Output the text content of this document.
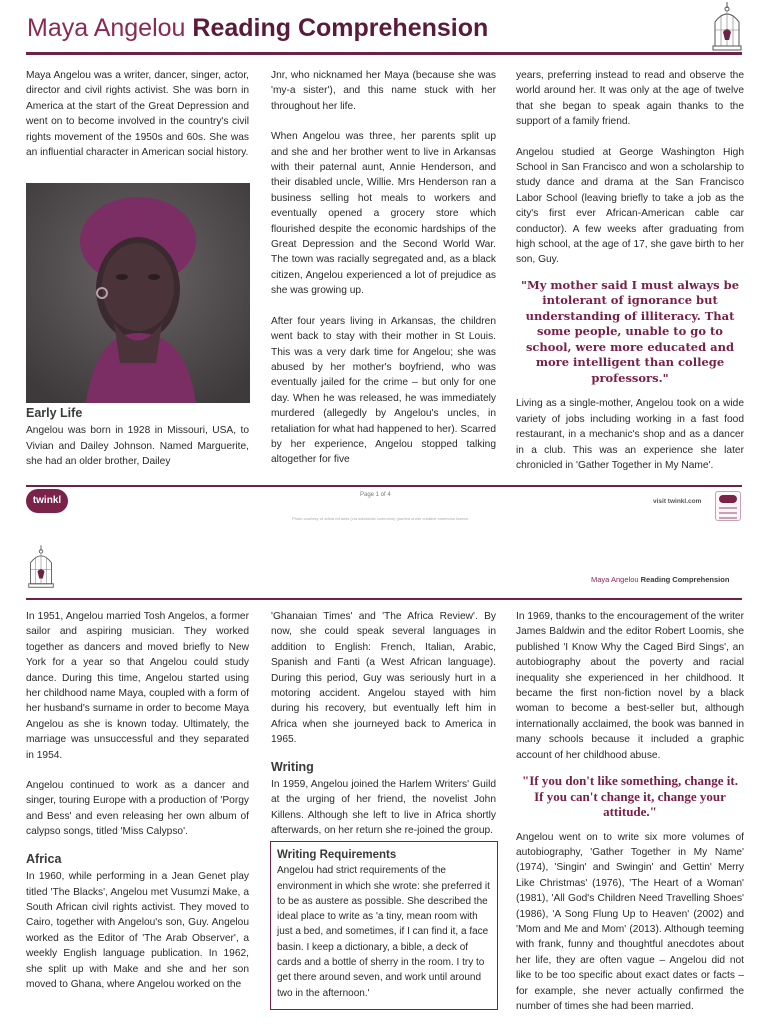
Maya Angelou Reading Comprehension

Maya Angelou was a writer, dancer, singer, actor, director and civil rights activist. She was born in America at the start of the Great Depression and went on to become involved in the country's civil rights movement of the 1950s and 60s. She was an influential character in American social history.

Early Life

Angelou was born in 1928 in Missouri, USA, to Vivian and Dailey Johnson. Named Marguerite, she had an older brother, Dailey

Jnr, who nicknamed her Maya (because she was 'my-a sister'), and this name stuck with her throughout her life.

When Angelou was three, her parents split up and she and her brother went to live in Arkansas with their paternal aunt, Annie Henderson, and their disabled uncle, Willie. Mrs Henderson ran a business selling hot meals to workers and eventually opened a grocery store which flourished despite the economic hardships of the Great Depression and the Second World War. The town was racially segregated and, as a black citizen, Angelou experienced a lot of prejudice as she was growing up.

After four years living in Arkansas, the children went back to stay with their mother in St Louis. This was a very dark time for Angelou; she was abused by her mother's boyfriend, who was eventually jailed for the crime – but only for one day. When he was released, he was immediately murdered (allegedly by Angelou's uncles, in retaliation for what had happened to her). Scarred by her experience, Angelou stopped talking altogether for five

years, preferring instead to read and observe the world around her. It was only at the age of twelve that she began to speak again thanks to the support of a family friend.

Angelou studied at George Washington High School in San Francisco and won a scholarship to study dance and drama at the San Francisco Labor School (leaving briefly to take a job as the city's first ever African-American cable car conductor). A few weeks after graduating from high school, at the age of 17, she gave birth to her son, Guy.

"My mother said I must always be intolerant of ignorance but understanding of illiteracy. That some people, unable to go to school, were more educated and more intelligent than college professors."

Living as a single-mother, Angelou took on a wide variety of jobs including working in a fast food restaurant, in a mechanic's shop and as a dancer in a club. This was an experience she later chronicled in 'Gather Together in My Name'.

twinkl	Page 1 of 4
Photo courtesy of adina richards (via wikimedia commons) granted under creative commons licence
visit twinkl.com
Maya Angelou Reading Comprehension

In 1951, Angelou married Tosh Angelos, a former sailor and aspiring musician. They worked together as dancers and moved briefly to New York for a year so that Angelou could study dance. During this time, Angelou started using her childhood name Maya, coupled with a form of her husband's surname in order to become Maya Angelou as she is known today. Ultimately, the marriage was unsuccessful and they separated in 1954.

Angelou continued to work as a dancer and singer, touring Europe with a production of 'Porgy and Bess' and even releasing her own album of calypso songs, titled 'Miss Calypso'.

Africa

In 1960, while performing in a Jean Genet play titled 'The Blacks', Angelou met Vusumzi Make, a South African civil rights activist. They moved to Cairo, together with Angelou's son, Guy. Angelou worked as the Editor of 'The Arab Observer', a weekly English language publication. In 1962, she split up with Make and she and her son moved to Ghana, where Angelou worked on the

'Ghanaian Times' and 'The Africa Review'. By now, she could speak several languages in addition to English: French, Italian, Arabic, Spanish and Fanti (a West African language). During this period, Guy was seriously hurt in a motoring accident. Angelou stayed with him during his recovery, but eventually left him in Africa when she journeyed back to America in 1965.

Writing

In 1959, Angelou joined the Harlem Writers' Guild at the urging of her friend, the novelist John Killens. Although she left to live in Africa shortly afterwards, on her return she re-joined the group.

Writing Requirements
Angelou had strict requirements of the environment in which she wrote: she preferred it to be as austere as possible. She described the ideal place to write as 'a tiny, mean room with just a bed, and sometimes, if I can find it, a face basin. I keep a dictionary, a bible, a deck of cards and a bottle of sherry in the room. I try to get there around seven, and work until around two in the afternoon.'

In 1969, thanks to the encouragement of the writer James Baldwin and the editor Robert Loomis, she published 'I Know Why the Caged Bird Sings', an autobiography about the poverty and racial inequality she experienced in her childhood. It became the first non-fiction novel by a black woman to become a best-seller but, although internationally acclaimed, the book was banned in many schools because it included a graphic account of her childhood abuse.

"If you don't like something, change it. If you can't change it, change your attitude."

Angelou went on to write six more volumes of autobiography, 'Gather Together in My Name' (1974), 'Singin' and Swingin' and Gettin' Merry Like Christmas' (1976), 'The Heart of a Woman' (1981), 'All God's Children Need Travelling Shoes' (1986), 'A Song Flung Up to Heaven' (2002) and 'Mom and Me and Mom' (2013). Although teeming with frank, funny and thoughtful anecdotes about her life, they are often vague – Angelou did not like to be too specific about exact dates or facts – for example, she never actually confirmed the number of times she had been married.
